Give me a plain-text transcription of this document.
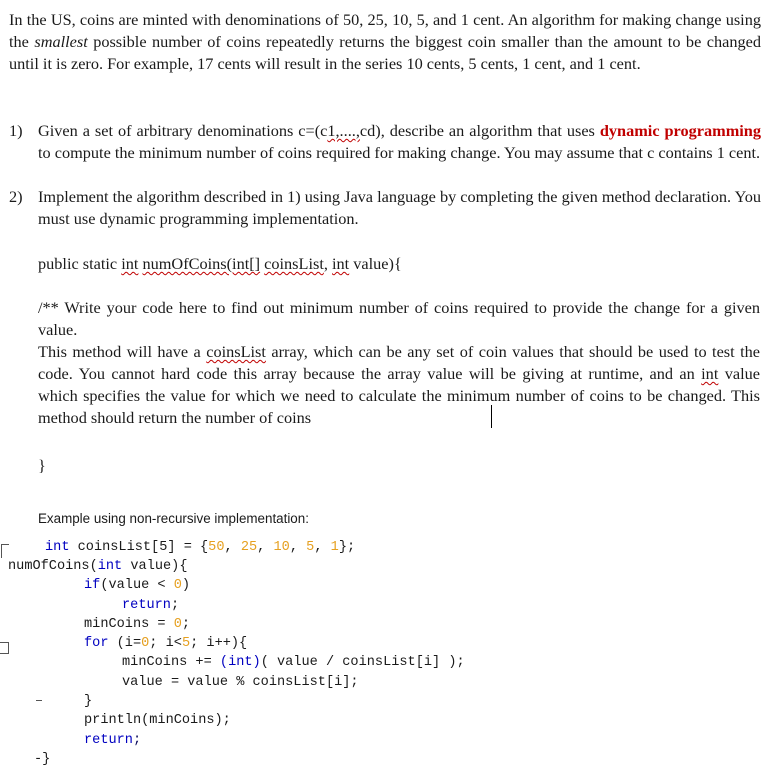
In the US, coins are minted with denominations of 50, 25, 10, 5, and 1 cent. An algorithm for making change using the smallest possible number of coins repeatedly returns the biggest coin smaller than the amount to be changed until it is zero. For example, 17 cents will result in the series 10 cents, 5 cents, 1 cent, and 1 cent.
1) Given a set of arbitrary denominations c=(c1,....,cd), describe an algorithm that uses dynamic programming to compute the minimum number of coins required for making change. You may assume that c contains 1 cent.
2) Implement the algorithm described in 1) using Java language by completing the given method declaration. You must use dynamic programming implementation.
public static int numOfCoins(int[] coinsList, int value){
/** Write your code here to find out minimum number of coins required to provide the change for a given value.
This method will have a coinsList array, which can be any set of coin values that should be used to test the code. You cannot hard code this array because the array value will be giving at runtime, and an int value which specifies the value for which we need to calculate the minimum number of coins to be changed. This method should return the number of coins
}
Example using non-recursive implementation:
int coinsList[5] = {50, 25, 10, 5, 1};
numOfCoins(int value){
if(value < 0)
return;
minCoins = 0;
for (i=0; i<5; i++){
minCoins += (int)( value / coinsList[i] );
value = value % coinsList[i];
}
println(minCoins);
return;
-}
